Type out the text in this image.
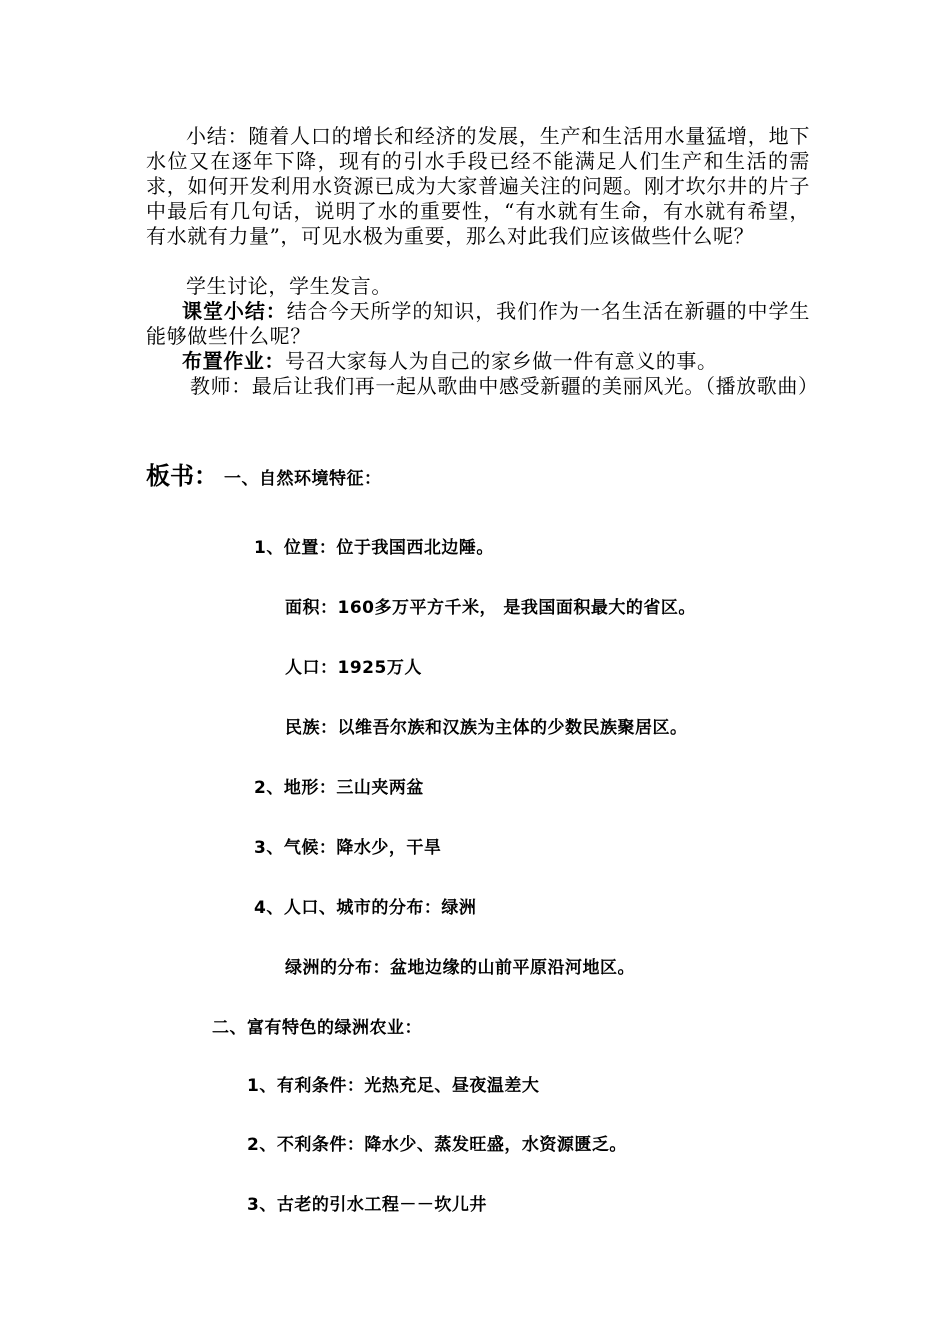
小结：随着人口的增长和经济的发展，生产和生活用水量猛增，地下水位又在逐年下降，现有的引水手段已经不能满足人们生产和生活的需求，如何开发利用水资源已成为大家普遍关注的问题。刚才坎尔井的片子中最后有几句话，说明了水的重要性，“有水就有生命，有水就有希望，有水就有力量”，可见水极为重要，那么对此我们应该做些什么呢？

学生讨论，学生发言。

课堂小结：结合今天所学的知识，我们作为一名生活在新疆的中学生能够做些什么呢？

布置作业：号召大家每人为自己的家乡做一件有意义的事。

教师：最后让我们再一起从歌曲中感受新疆的美丽风光。（播放歌曲）

板书： 一、自然环境特征：
1、位置：位于我国西北边陲。
面积：160多万平方千米， 是我国面积最大的省区。
人口：1925万人
民族：以维吾尔族和汉族为主体的少数民族聚居区。
2、地形：三山夹两盆
3、气候：降水少，干旱
4、人口、城市的分布：绿洲
绿洲的分布：盆地边缘的山前平原沿河地区。
二、富有特色的绿洲农业：
1、有利条件：光热充足、昼夜温差大
2、不利条件：降水少、蒸发旺盛，水资源匮乏。
3、古老的引水工程－－坎儿井
